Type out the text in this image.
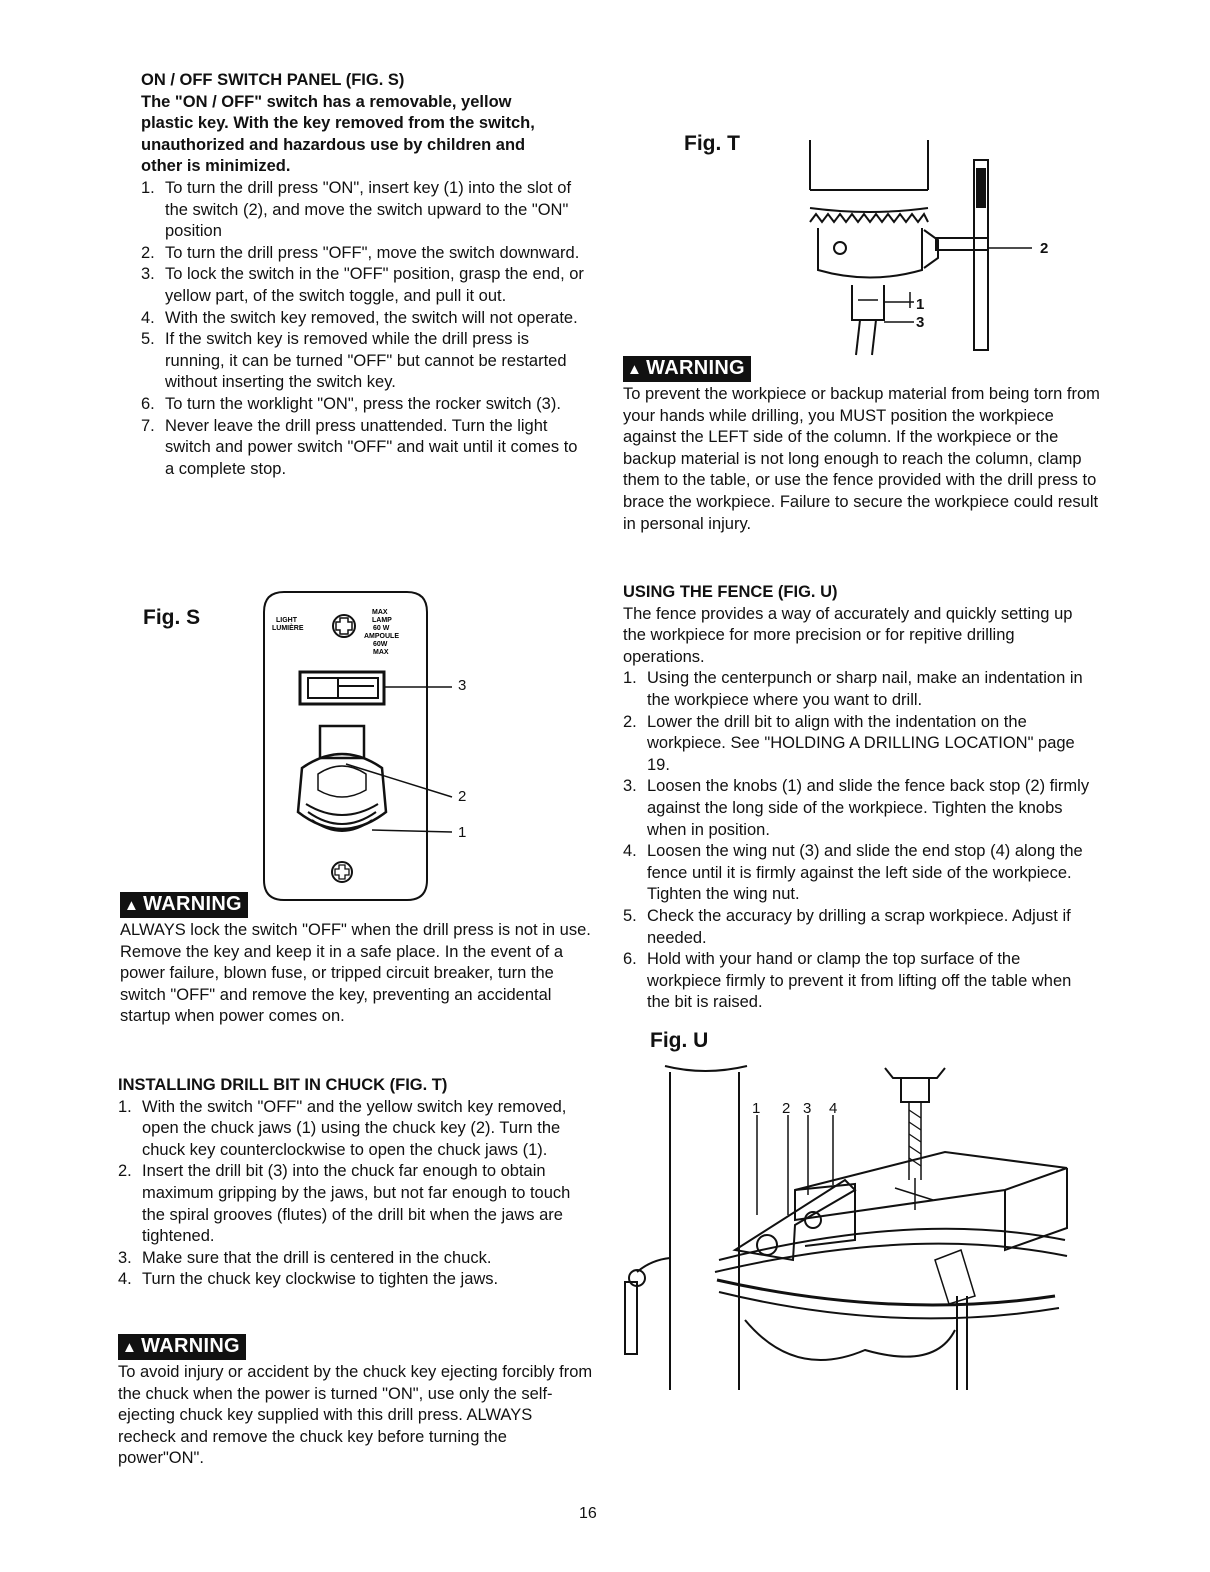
ON / OFF SWITCH PANEL (FIG. S)

The "ON / OFF" switch has a removable, yellow plastic key. With the key removed from the switch, unauthorized and hazardous use by children and other is minimized.

1. To turn the drill press "ON", insert key (1) into the slot of the switch (2), and move the switch upward to the "ON" position
2. To turn the drill press "OFF", move the switch downward.
3. To lock the switch in the "OFF" position, grasp the end, or yellow part, of the switch toggle, and pull it out.
4. With the switch key removed, the switch will not operate.
5. If the switch key is removed while the drill press is running, it can be turned "OFF" but cannot be restarted without inserting the switch key.
6. To turn the worklight "ON", press the rocker switch (3).
7. Never leave the drill press unattended. Turn the light switch and power switch "OFF" and wait until it comes to a complete stop.
Fig. S	LIGHT
LUMIÈRE
MAX
LAMP
60 W
AMPOULE
60W
MAX
3
2
1
▲ WARNING

ALWAYS lock the switch "OFF" when the drill press is not in use. Remove the key and keep it in a safe place. In the event of a power failure, blown fuse, or tripped circuit breaker, turn the switch "OFF" and remove the key, preventing an accidental startup when power comes on.

INSTALLING DRILL BIT IN CHUCK (FIG. T)

1. With the switch "OFF" and the yellow switch key removed, open the chuck jaws (1) using the chuck key (2). Turn the chuck key counterclockwise to open the chuck jaws (1).
2. Insert the drill bit (3) into the chuck far enough to obtain maximum gripping by the jaws, but not far enough to touch the spiral grooves (flutes) of the drill bit when the jaws are tightened.
3. Make sure that the drill is centered in the chuck.
4. Turn the chuck key clockwise to tighten the jaws.
▲ WARNING

To avoid injury or accident by the chuck key ejecting forcibly from the chuck when the power is turned "ON", use only the self-ejecting chuck key supplied with this drill press. ALWAYS recheck and remove the chuck key before turning the power"ON".

Fig. T
2
1
3
▲ WARNING

To prevent the workpiece or backup material from being torn from your hands while drilling, you MUST position the workpiece against the LEFT side of the column. If the workpiece or the backup material is not long enough to reach the column, clamp them to the table, or use the fence provided with the drill press to brace the workpiece. Failure to secure the workpiece could result in personal injury.

USING THE FENCE (FIG. U)

The fence provides a way of accurately and quickly setting up the workpiece for more precision or for repitive drilling operations.

1. Using the centerpunch or sharp nail, make an indentation in the workpiece where you want to drill.
2. Lower the drill bit to align with the indentation on the workpiece. See "HOLDING A DRILLING LOCATION" page 19.
3. Loosen the knobs (1) and slide the fence back stop (2) firmly against the long side of the workpiece. Tighten the knobs when in position.
4. Loosen the wing nut (3) and slide the end stop (4) along the fence until it is firmly against the left side of the workpiece. Tighten the wing nut.
5. Check the accuracy by drilling a scrap workpiece. Adjust if needed.
6. Hold with your hand or clamp the top surface of the workpiece firmly to prevent it from lifting off the table when the bit is raised.
Fig. U
1 2 3 4
16
